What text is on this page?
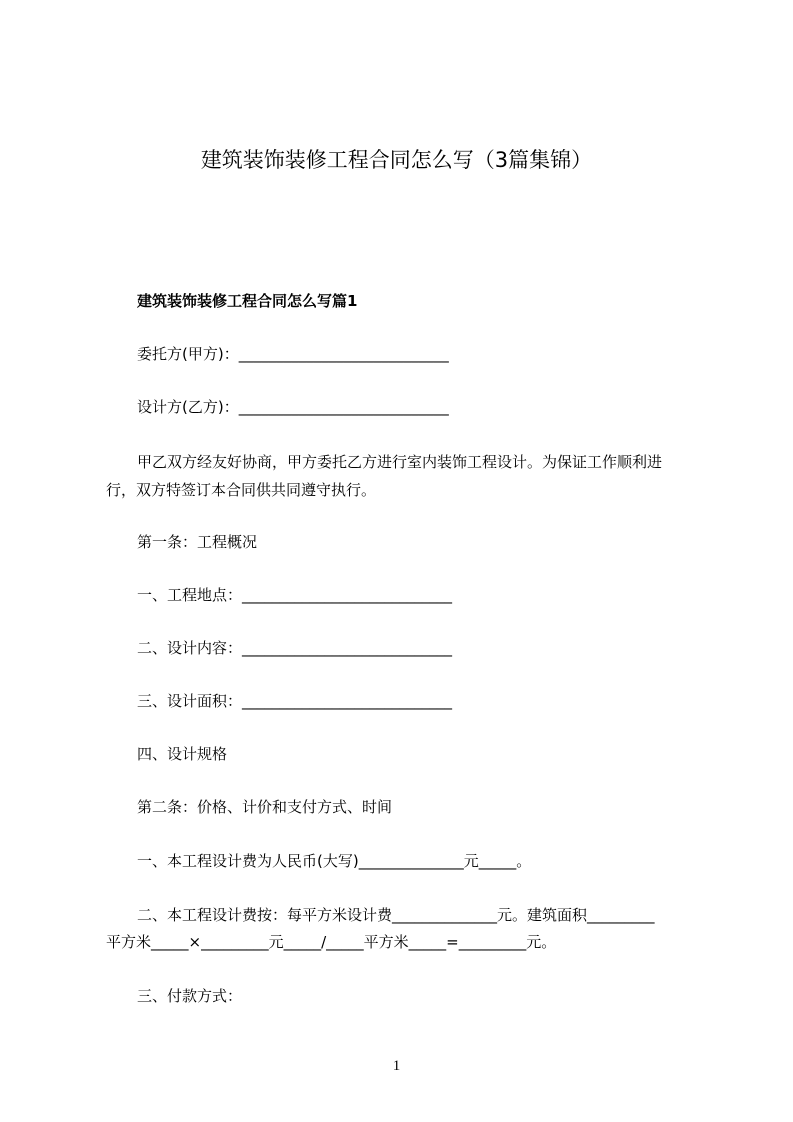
建筑装饰装修工程合同怎么写（3篇集锦）
建筑装饰装修工程合同怎么写篇1
委托方(甲方)：____________________________
设计方(乙方)：____________________________
甲乙双方经友好协商，甲方委托乙方进行室内装饰工程设计。为保证工作顺利进
行，双方特签订本合同供共同遵守执行。
第一条：工程概况
一、工程地点：____________________________
二、设计内容：____________________________
三、设计面积：____________________________
四、设计规格
第二条：价格、计价和支付方式、时间
一、本工程设计费为人民币(大写)______________元_____。
二、本工程设计费按：每平方米设计费______________元。建筑面积_________
平方米_____×_________元_____/_____平方米_____=_________元。
三、付款方式：
1
